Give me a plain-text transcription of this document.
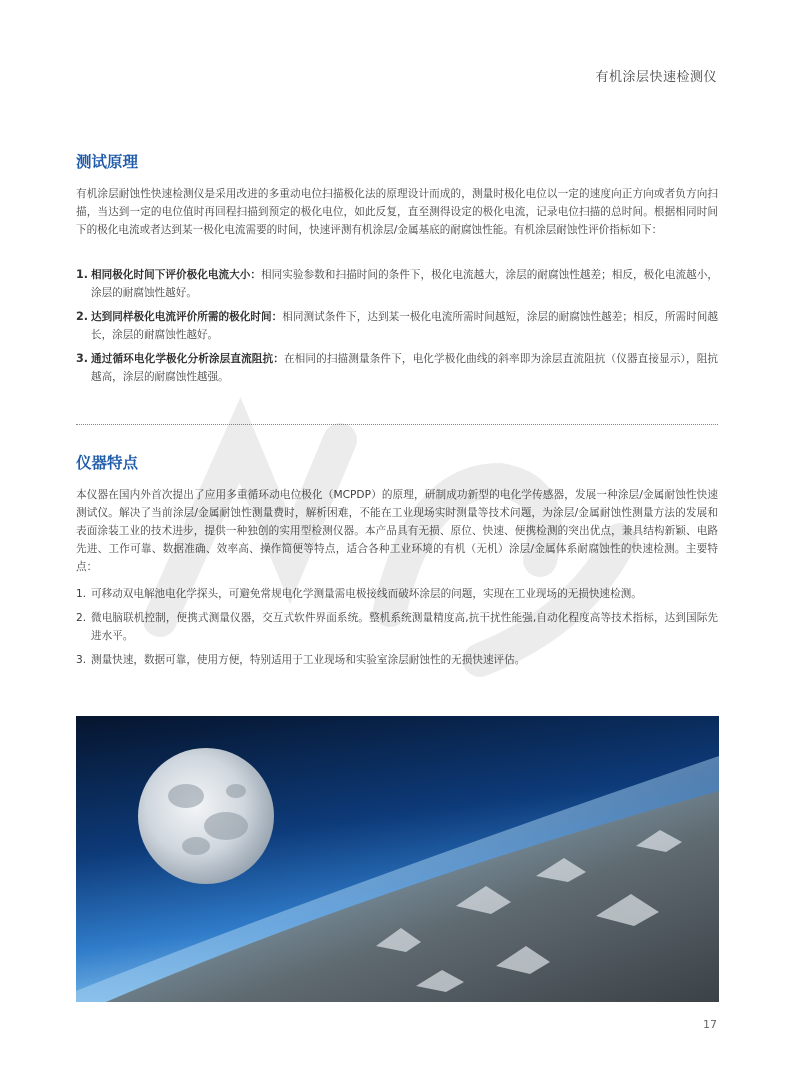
有机涂层快速检测仪
测试原理
有机涂层耐蚀性快速检测仪是采用改进的多重动电位扫描极化法的原理设计而成的，测量时极化电位以一定的速度向正方向或者负方向扫描，当达到一定的电位值时再回程扫描到预定的极化电位，如此反复，直至测得设定的极化电流，记录电位扫描的总时间。根据相同时间下的极化电流或者达到某一极化电流需要的时间，快速评测有机涂层/金属基底的耐腐蚀性能。有机涂层耐蚀性评价指标如下：
1. 相同极化时间下评价极化电流大小：相同实验参数和扫描时间的条件下，极化电流越大，涂层的耐腐蚀性越差；相反，极化电流越小，涂层的耐腐蚀性越好。
2. 达到同样极化电流评价所需的极化时间：相同测试条件下，达到某一极化电流所需时间越短，涂层的耐腐蚀性越差；相反，所需时间越长，涂层的耐腐蚀性越好。
3. 通过循环电化学极化分析涂层直流阻抗：在相同的扫描测量条件下，电化学极化曲线的斜率即为涂层直流阻抗（仪器直接显示），阻抗越高，涂层的耐腐蚀性越强。
仪器特点
本仪器在国内外首次提出了应用多重循环动电位极化（MCPDP）的原理，研制成功新型的电化学传感器，发展一种涂层/金属耐蚀性快速测试仪。解决了当前涂层/金属耐蚀性测量费时，解析困难，不能在工业现场实时测量等技术问题，为涂层/金属耐蚀性测量方法的发展和表面涂装工业的技术进步，提供一种独创的实用型检测仪器。本产品具有无损、原位、快速、便携检测的突出优点，兼具结构新颖、电路先进、工作可靠、数据准确、效率高、操作简便等特点，适合各种工业环境的有机（无机）涂层/金属体系耐腐蚀性的快速检测。主要特点：
1. 可移动双电解池电化学探头，可避免常规电化学测量需电极接线而破坏涂层的问题，实现在工业现场的无损快速检测。
2. 微电脑联机控制，便携式测量仪器，交互式软件界面系统。整机系统测量精度高,抗干扰性能强,自动化程度高等技术指标，达到国际先进水平。
3. 测量快速，数据可靠，使用方便，特别适用于工业现场和实验室涂层耐蚀性的无损快速评估。
17
